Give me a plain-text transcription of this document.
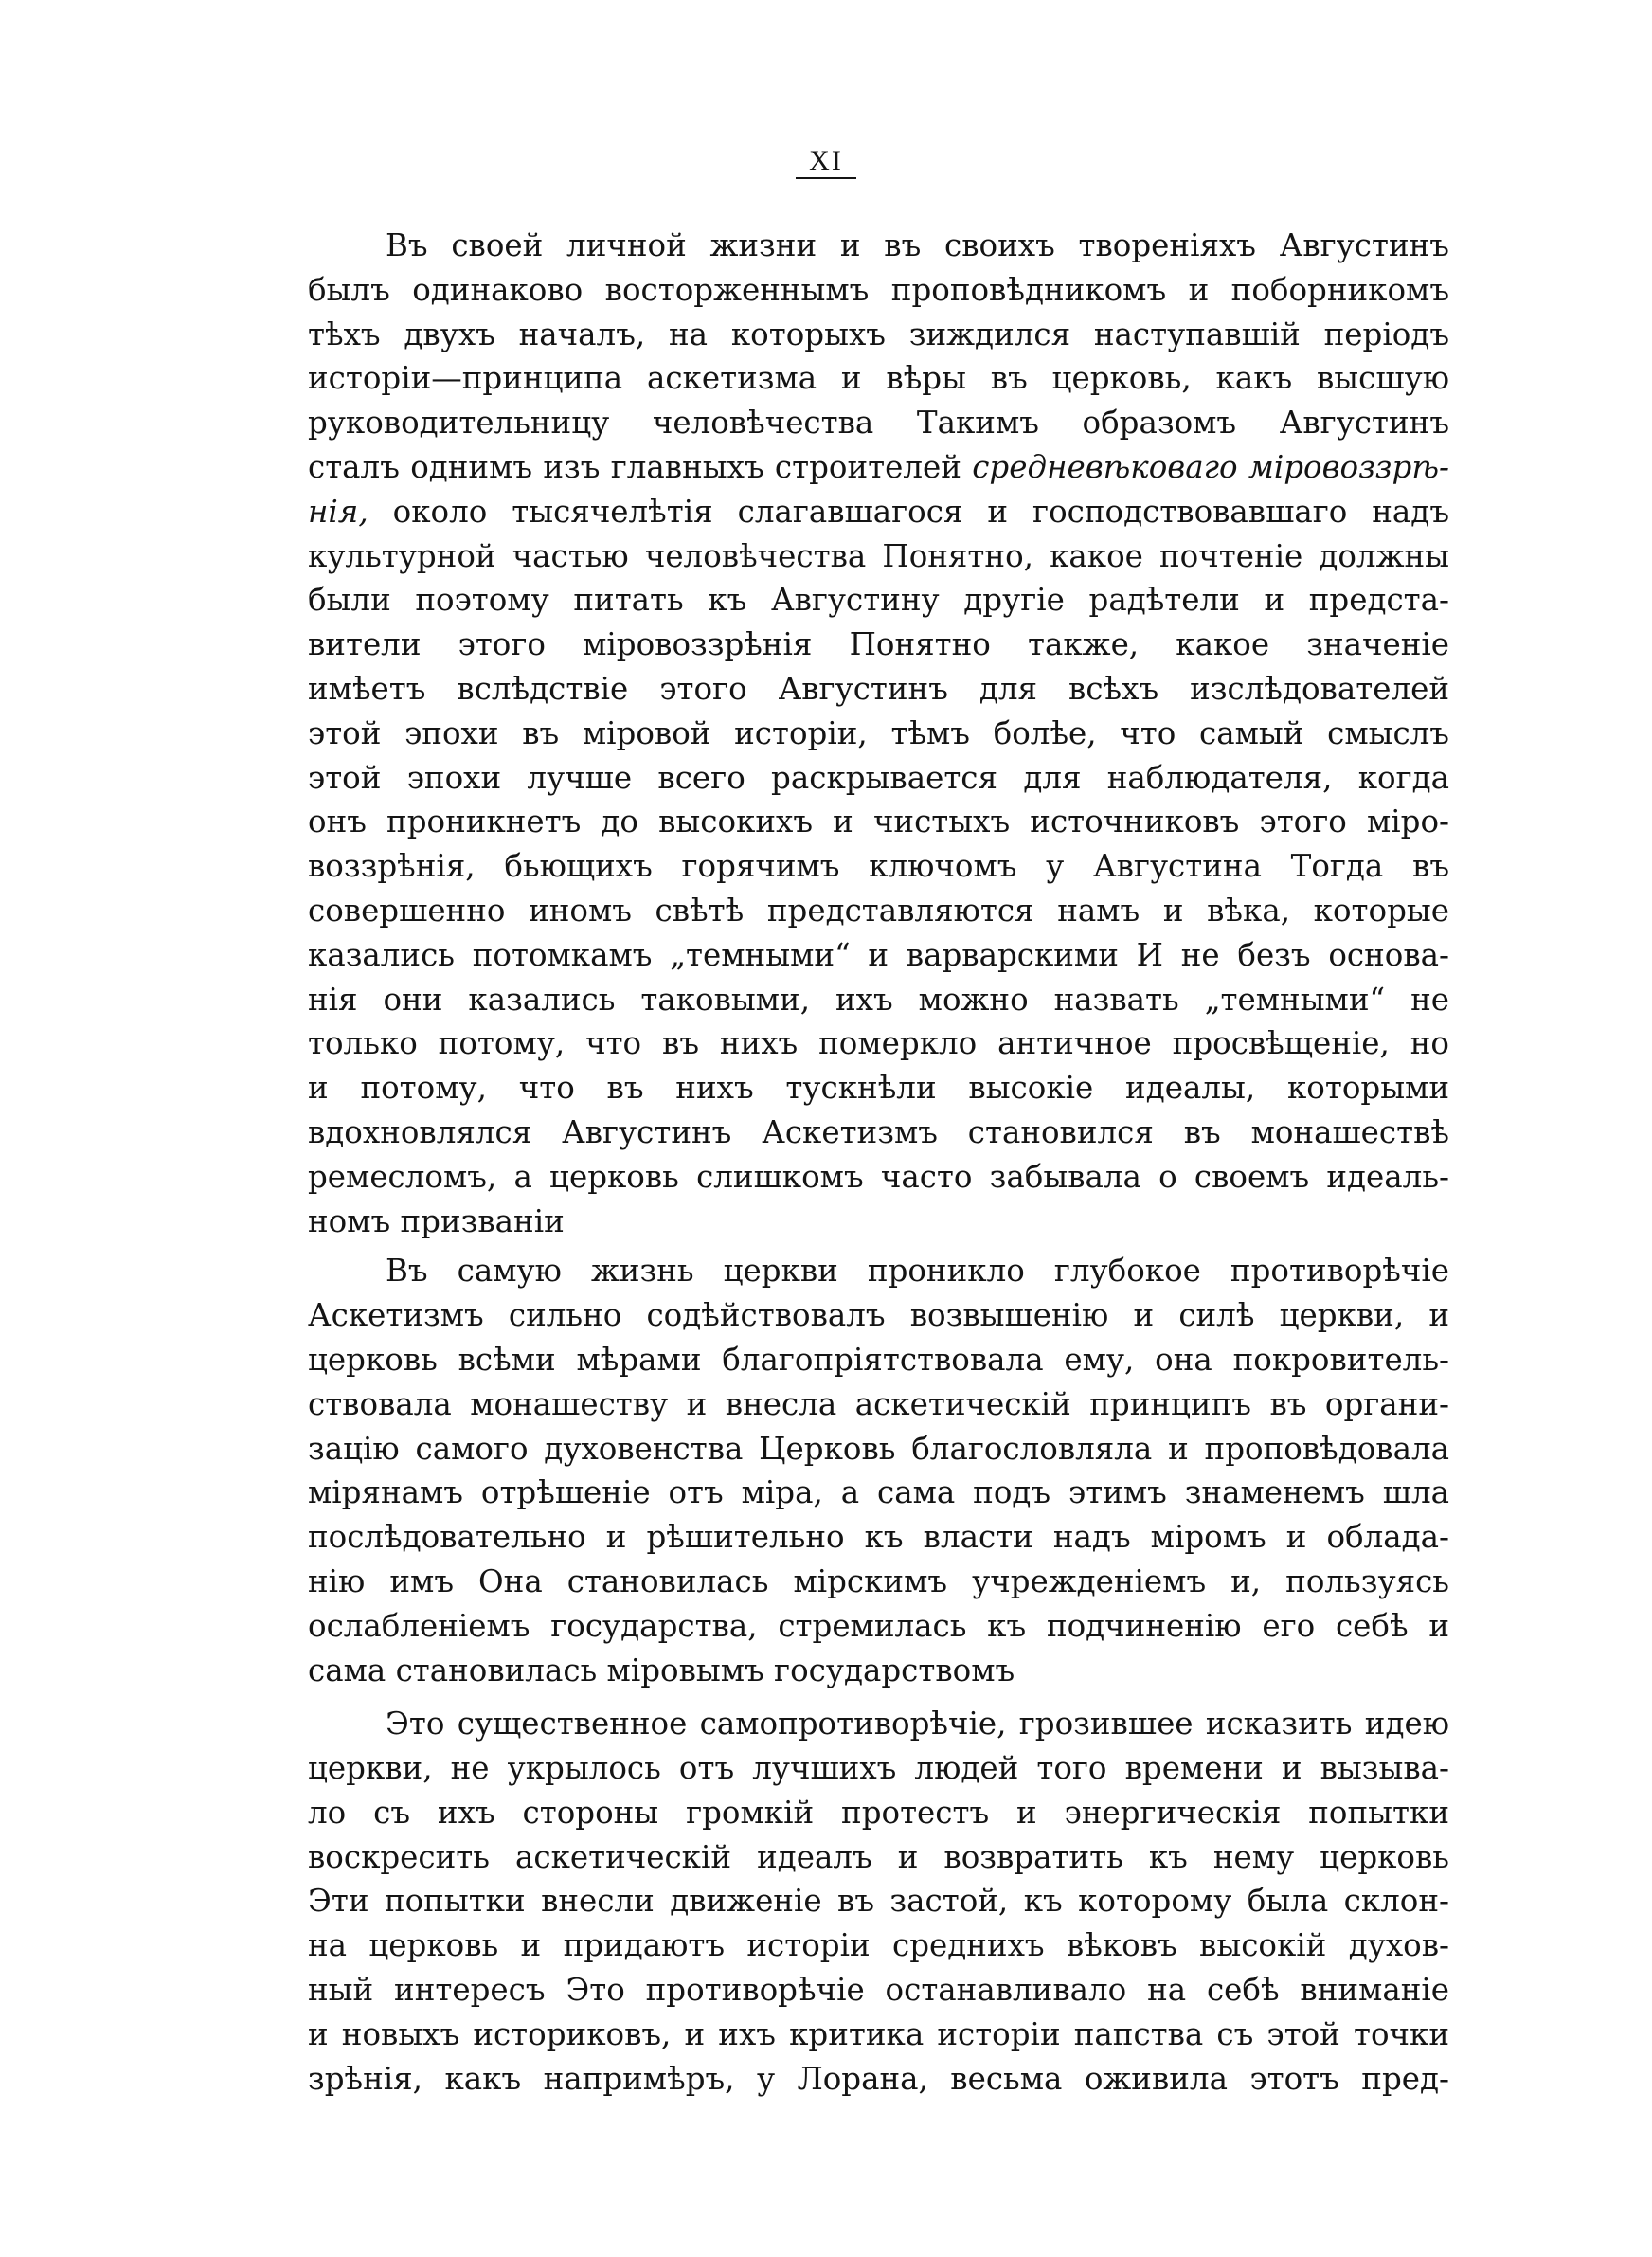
XI
Въ своей личной жизни и въ своихъ творенiяхъ Августинъ
былъ одинаково восторженнымъ проповѣдникомъ и поборникомъ
тѣхъ двухъ началъ, на которыхъ зиждился наступавшiй перiодъ
исторiи—принципа аскетизма и вѣры въ церковь, какъ высшую
руководительницу человѣчества Такимъ образомъ Августинъ
сталъ однимъ изъ главныхъ строителей средневѣковаго мiровоззрѣ-
нiя, около тысячелѣтiя слагавшагося и господствовавшаго надъ
культурной частью человѣчества Понятно, какое почтенiе должны
были поэтому питать къ Августину другiе радѣтели и предста-
вители этого мiровоззрѣнiя Понятно также, какое значенiе
имѣетъ вслѣдствiе этого Августинъ для всѣхъ изслѣдователей
этой эпохи въ мiровой исторiи, тѣмъ болѣе, что самый смыслъ
этой эпохи лучше всего раскрывается для наблюдателя, когда
онъ проникнетъ до высокихъ и чистыхъ источниковъ этого мiро-
воззрѣнiя, бьющихъ горячимъ ключомъ у Августина Тогда въ
совершенно иномъ свѣтѣ представляются намъ и вѣка, которые
казались потомкамъ „темными“ и варварскими И не безъ основа-
нiя они казались таковыми, ихъ можно назвать „темными“ не
только потому, что въ нихъ померкло античное просвѣщенiе, но
и потому, что въ нихъ тускнѣли высокiе идеалы, которыми
вдохновлялся Августинъ Аскетизмъ становился въ монашествѣ
ремесломъ, а церковь слишкомъ часто забывала о своемъ идеаль-
номъ призванiи
Въ самую жизнь церкви проникло глубокое противорѣчiе
Аскетизмъ сильно содѣйствовалъ возвышенiю и силѣ церкви, и
церковь всѣми мѣрами благопрiятствовала ему, она покровитель-
ствовала монашеству и внесла аскетическiй принципъ въ органи-
зацiю самого духовенства Церковь благословляла и проповѣдовала
мiрянамъ отрѣшенiе отъ мiра, а сама подъ этимъ знаменемъ шла
послѣдовательно и рѣшительно къ власти надъ мiромъ и облада-
нiю имъ Она становилась мiрскимъ учрежденiемъ и, пользуясь
ослабленiемъ государства, стремилась къ подчиненiю его себѣ и
сама становилась мiровымъ государствомъ
Это существенное самопротиворѣчiе, грозившее исказить идею
церкви, не укрылось отъ лучшихъ людей того времени и вызыва-
ло съ ихъ стороны громкiй протестъ и энергическiя попытки
воскресить аскетическiй идеалъ и возвратить къ нему церковь
Эти попытки внесли движенiе въ застой, къ которому была склон-
на церковь и придаютъ исторiи среднихъ вѣковъ высокiй духов-
ный интересъ Это противорѣчiе останавливало на себѣ вниманiе
и новыхъ историковъ, и ихъ критика исторiи папства съ этой точки
зрѣнiя, какъ напримѣръ, у Лорана, весьма оживила этотъ пред-
